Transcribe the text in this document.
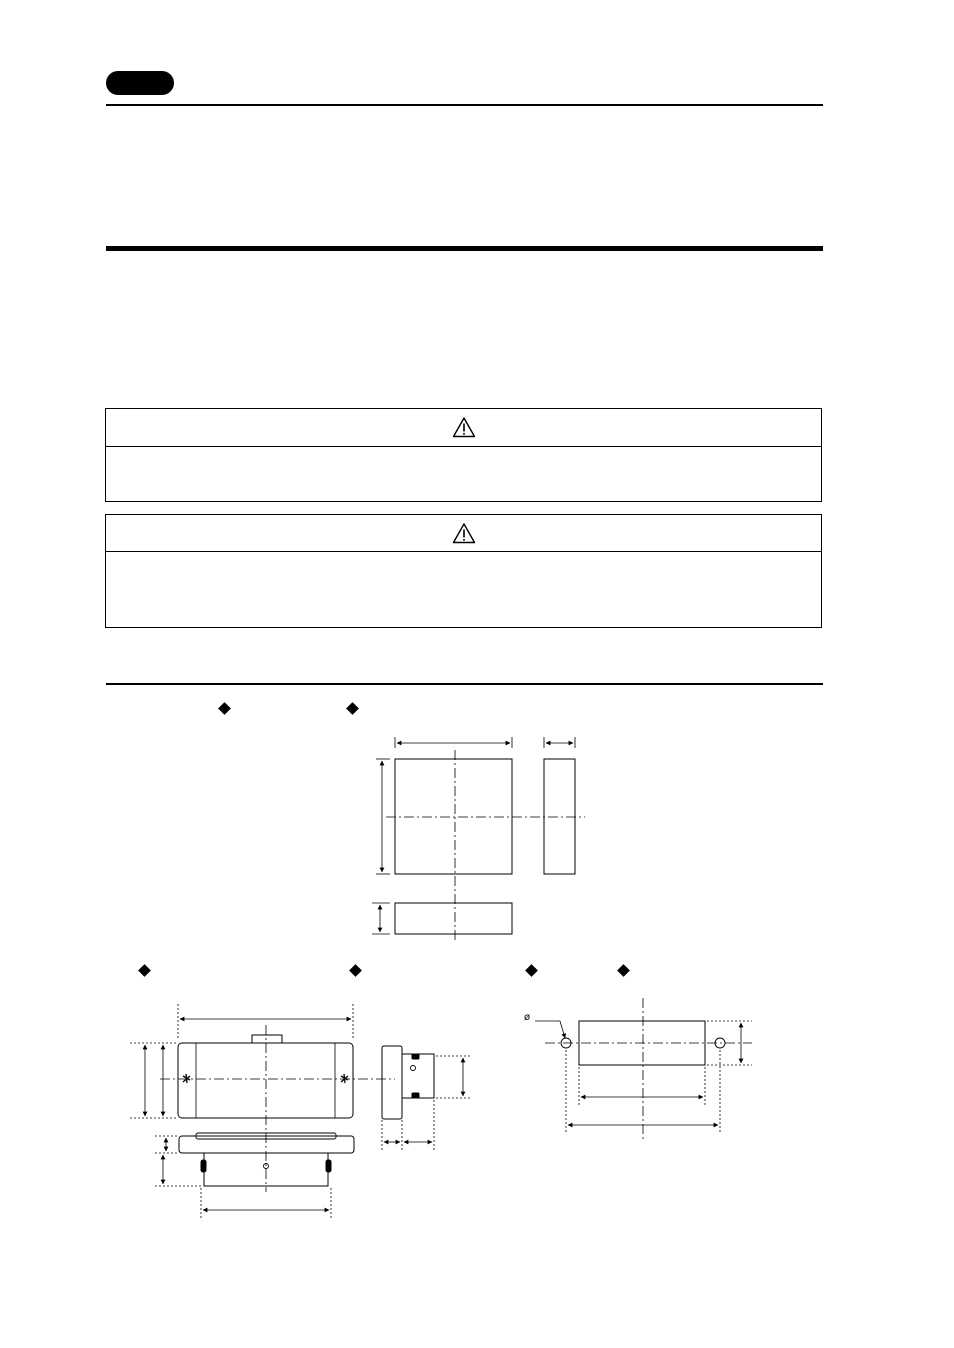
ø
